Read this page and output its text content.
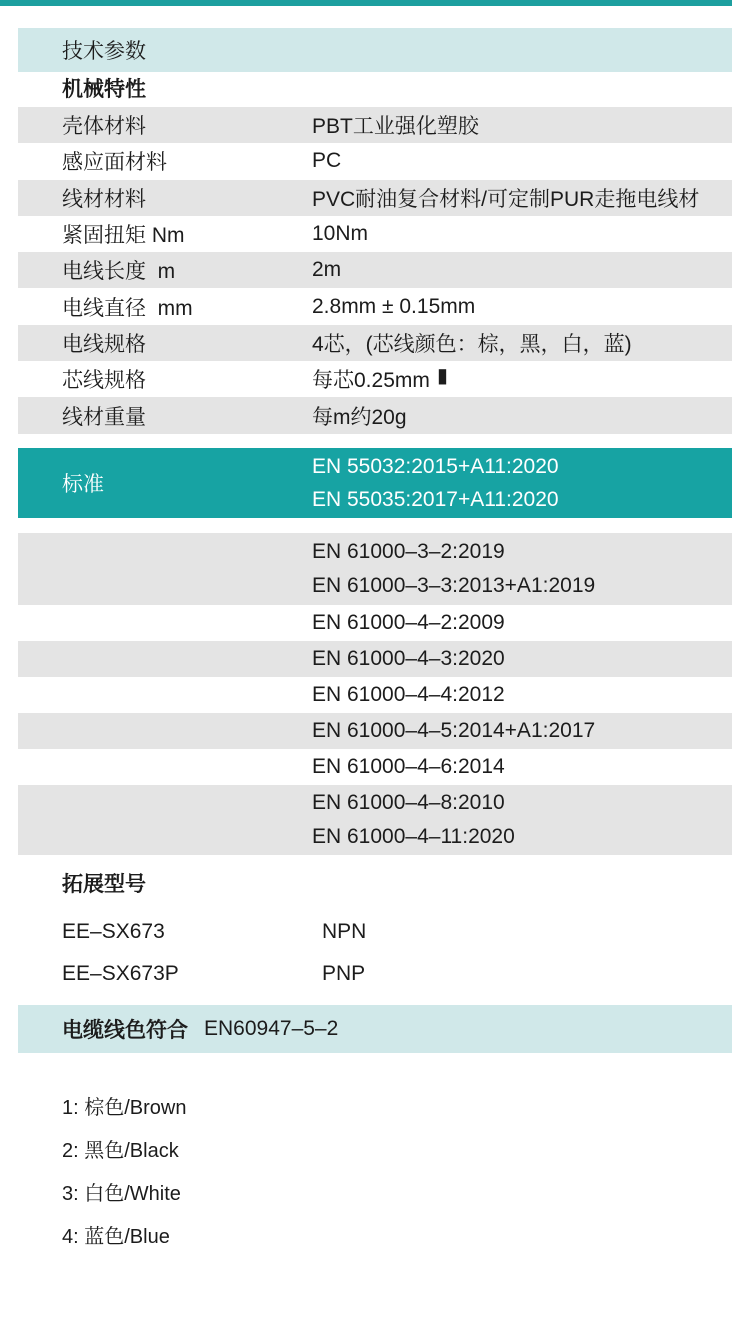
技术参数
机械特性
壳体材料	PBT工业强化塑胶
感应面材料	PC
线材材料	PVC耐油复合材料/可定制PUR走拖电线材
紧固扭矩 Nm	10Nm
电线长度  m	2m
电线直径  mm	2.8mm ± 0.15mm
电线规格	4芯，(芯线颜色：棕，黑，白，蓝)
芯线规格	每芯0.25mm ▮
线材重量	每m约20g
标准
EN 55032:2015+A11:2020
EN 55035:2017+A11:2020
EN 61000–3–2:2019
EN 61000–3–3:2013+A1:2019
EN 61000–4–2:2009
EN 61000–4–3:2020
EN 61000–4–4:2012
EN 61000–4–5:2014+A1:2017
EN 61000–4–6:2014
EN 61000–4–8:2010
EN 61000–4–11:2020
拓展型号
EE–SX673	NPN
EE–SX673P	PNP
电缆线色符合 EN60947–5–2
1: 棕色/Brown
2: 黑色/Black
3: 白色/White
4: 蓝色/Blue
